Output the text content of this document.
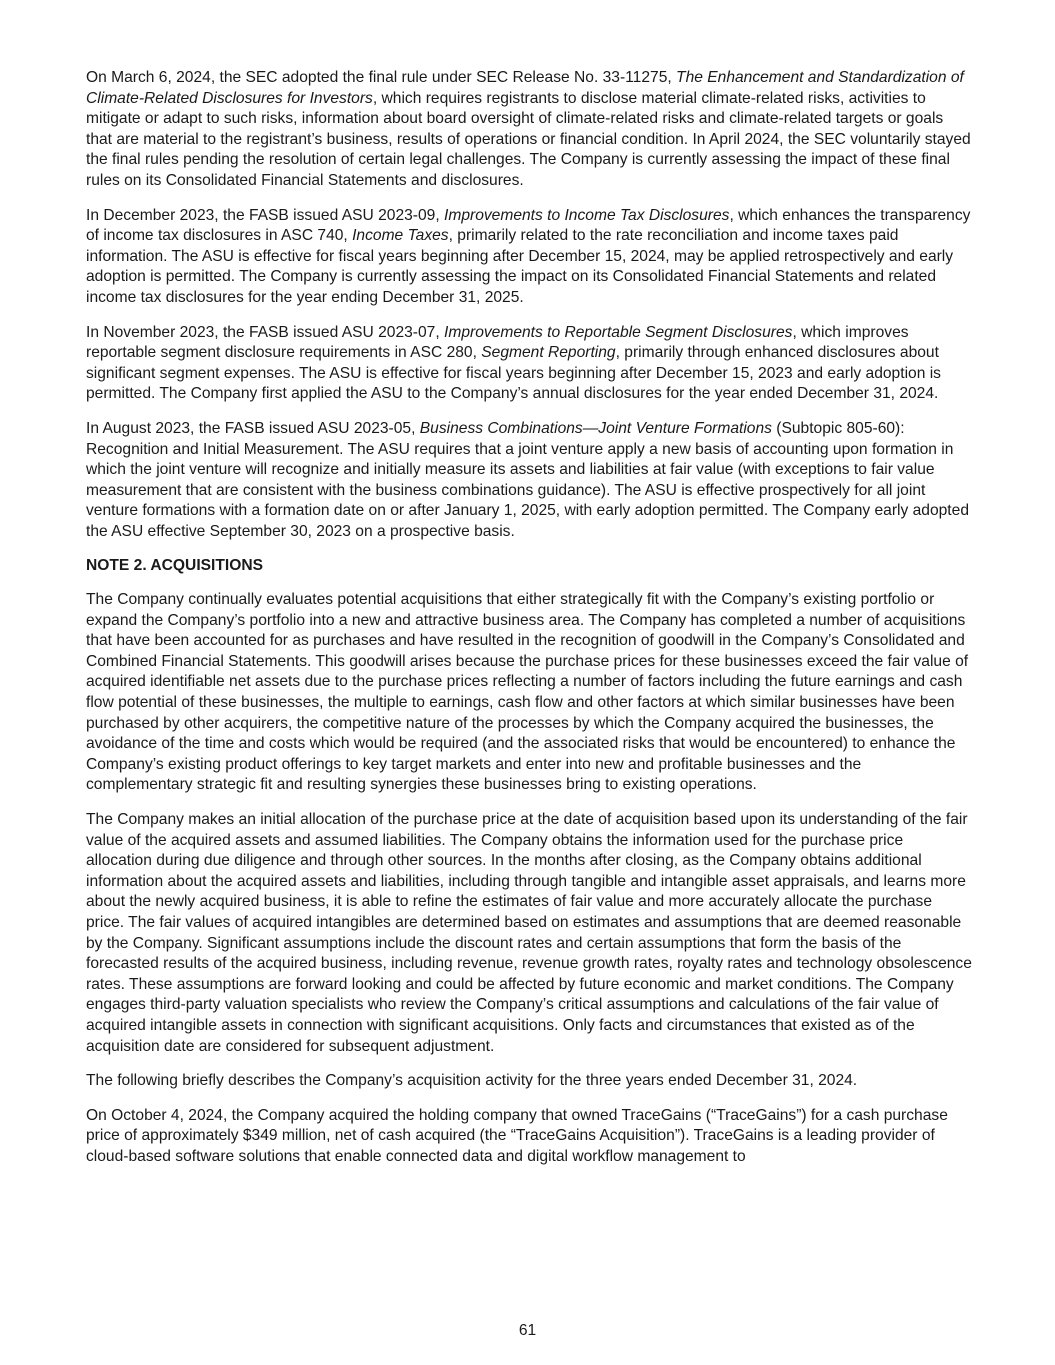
On March 6, 2024, the SEC adopted the final rule under SEC Release No. 33-11275, The Enhancement and Standardization of Climate-Related Disclosures for Investors, which requires registrants to disclose material climate-related risks, activities to mitigate or adapt to such risks, information about board oversight of climate-related risks and climate-related targets or goals that are material to the registrant’s business, results of operations or financial condition. In April 2024, the SEC voluntarily stayed the final rules pending the resolution of certain legal challenges. The Company is currently assessing the impact of these final rules on its Consolidated Financial Statements and disclosures.

In December 2023, the FASB issued ASU 2023-09, Improvements to Income Tax Disclosures, which enhances the transparency of income tax disclosures in ASC 740, Income Taxes, primarily related to the rate reconciliation and income taxes paid information. The ASU is effective for fiscal years beginning after December 15, 2024, may be applied retrospectively and early adoption is permitted. The Company is currently assessing the impact on its Consolidated Financial Statements and related income tax disclosures for the year ending December 31, 2025.

In November 2023, the FASB issued ASU 2023-07, Improvements to Reportable Segment Disclosures, which improves reportable segment disclosure requirements in ASC 280, Segment Reporting, primarily through enhanced disclosures about significant segment expenses. The ASU is effective for fiscal years beginning after December 15, 2023 and early adoption is permitted. The Company first applied the ASU to the Company’s annual disclosures for the year ended December 31, 2024.

In August 2023, the FASB issued ASU 2023-05, Business Combinations—Joint Venture Formations (Subtopic 805-60): Recognition and Initial Measurement. The ASU requires that a joint venture apply a new basis of accounting upon formation in which the joint venture will recognize and initially measure its assets and liabilities at fair value (with exceptions to fair value measurement that are consistent with the business combinations guidance). The ASU is effective prospectively for all joint venture formations with a formation date on or after January 1, 2025, with early adoption permitted. The Company early adopted the ASU effective September 30, 2023 on a prospective basis.

NOTE 2. ACQUISITIONS

The Company continually evaluates potential acquisitions that either strategically fit with the Company’s existing portfolio or expand the Company’s portfolio into a new and attractive business area. The Company has completed a number of acquisitions that have been accounted for as purchases and have resulted in the recognition of goodwill in the Company’s Consolidated and Combined Financial Statements. This goodwill arises because the purchase prices for these businesses exceed the fair value of acquired identifiable net assets due to the purchase prices reflecting a number of factors including the future earnings and cash flow potential of these businesses, the multiple to earnings, cash flow and other factors at which similar businesses have been purchased by other acquirers, the competitive nature of the processes by which the Company acquired the businesses, the avoidance of the time and costs which would be required (and the associated risks that would be encountered) to enhance the Company’s existing product offerings to key target markets and enter into new and profitable businesses and the complementary strategic fit and resulting synergies these businesses bring to existing operations.

The Company makes an initial allocation of the purchase price at the date of acquisition based upon its understanding of the fair value of the acquired assets and assumed liabilities. The Company obtains the information used for the purchase price allocation during due diligence and through other sources. In the months after closing, as the Company obtains additional information about the acquired assets and liabilities, including through tangible and intangible asset appraisals, and learns more about the newly acquired business, it is able to refine the estimates of fair value and more accurately allocate the purchase price. The fair values of acquired intangibles are determined based on estimates and assumptions that are deemed reasonable by the Company. Significant assumptions include the discount rates and certain assumptions that form the basis of the forecasted results of the acquired business, including revenue, revenue growth rates, royalty rates and technology obsolescence rates. These assumptions are forward looking and could be affected by future economic and market conditions. The Company engages third-party valuation specialists who review the Company’s critical assumptions and calculations of the fair value of acquired intangible assets in connection with significant acquisitions. Only facts and circumstances that existed as of the acquisition date are considered for subsequent adjustment.

The following briefly describes the Company’s acquisition activity for the three years ended December 31, 2024.

On October 4, 2024, the Company acquired the holding company that owned TraceGains (“TraceGains”) for a cash purchase price of approximately $349 million, net of cash acquired (the “TraceGains Acquisition”). TraceGains is a leading provider of cloud-based software solutions that enable connected data and digital workflow management to

61
